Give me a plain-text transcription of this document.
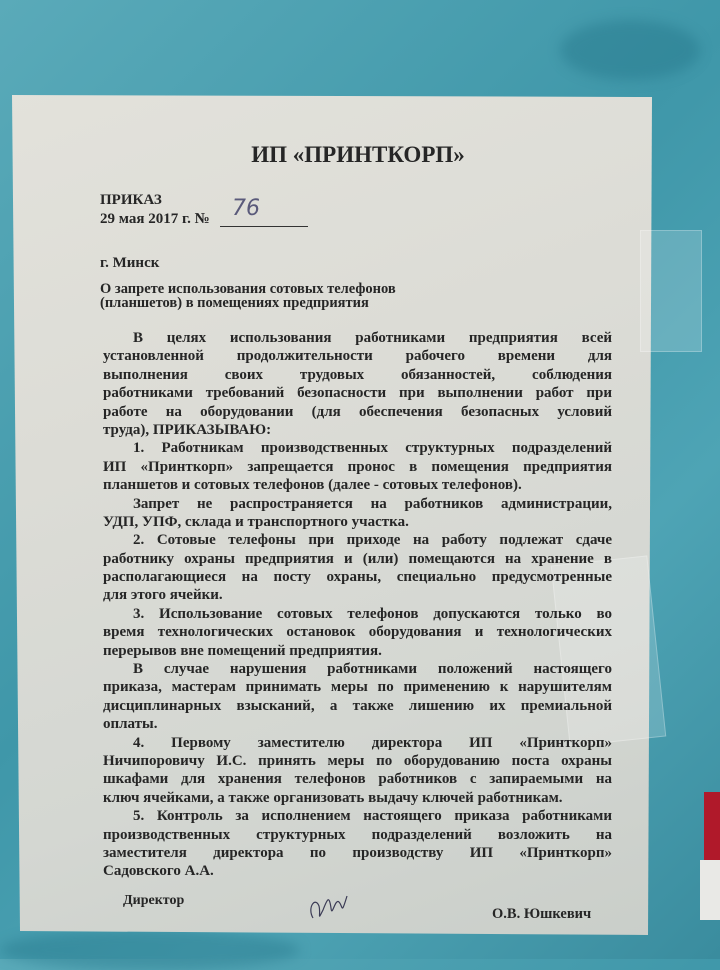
ИП «ПРИНТКОРП»
ПРИКАЗ
29 мая 2017 г. № 76
г. Минск
О запрете использования сотовых телефонов
(планшетов) в помещениях предприятия
В целях использования работниками предприятия всей
установленной продолжительности рабочего времени для
выполнения своих трудовых обязанностей, соблюдения
работниками требований безопасности при выполнении работ при
работе на оборудовании (для обеспечения безопасных условий
труда), ПРИКАЗЫВАЮ:
1. Работникам производственных структурных подразделений
ИП «Принткорп» запрещается пронос в помещения предприятия
планшетов и сотовых телефонов (далее - сотовых телефонов).
Запрет не распространяется на работников администрации,
УДП, УПФ, склада и транспортного участка.
2. Сотовые телефоны при приходе на работу подлежат сдаче
работнику охраны предприятия и (или) помещаются на хранение в
располагающиеся на посту охраны, специально предусмотренные
для этого ячейки.
3. Использование сотовых телефонов допускаются только во
время технологических остановок оборудования и технологических
перерывов вне помещений предприятия.
В случае нарушения работниками положений настоящего
приказа, мастерам принимать меры по применению к нарушителям
дисциплинарных взысканий, а также лишению их премиальной
оплаты.
4. Первому заместителю директора ИП «Принткорп»
Ничипоровичу И.С. принять меры по оборудованию поста охраны
шкафами для хранения телефонов работников с запираемыми на
ключ ячейками, а также организовать выдачу ключей работникам.
5. Контроль за исполнением настоящего приказа работниками
производственных структурных подразделений возложить на
заместителя директора по производству ИП «Принткорп»
Садовского А.А.
Директор
О.В. Юшкевич
